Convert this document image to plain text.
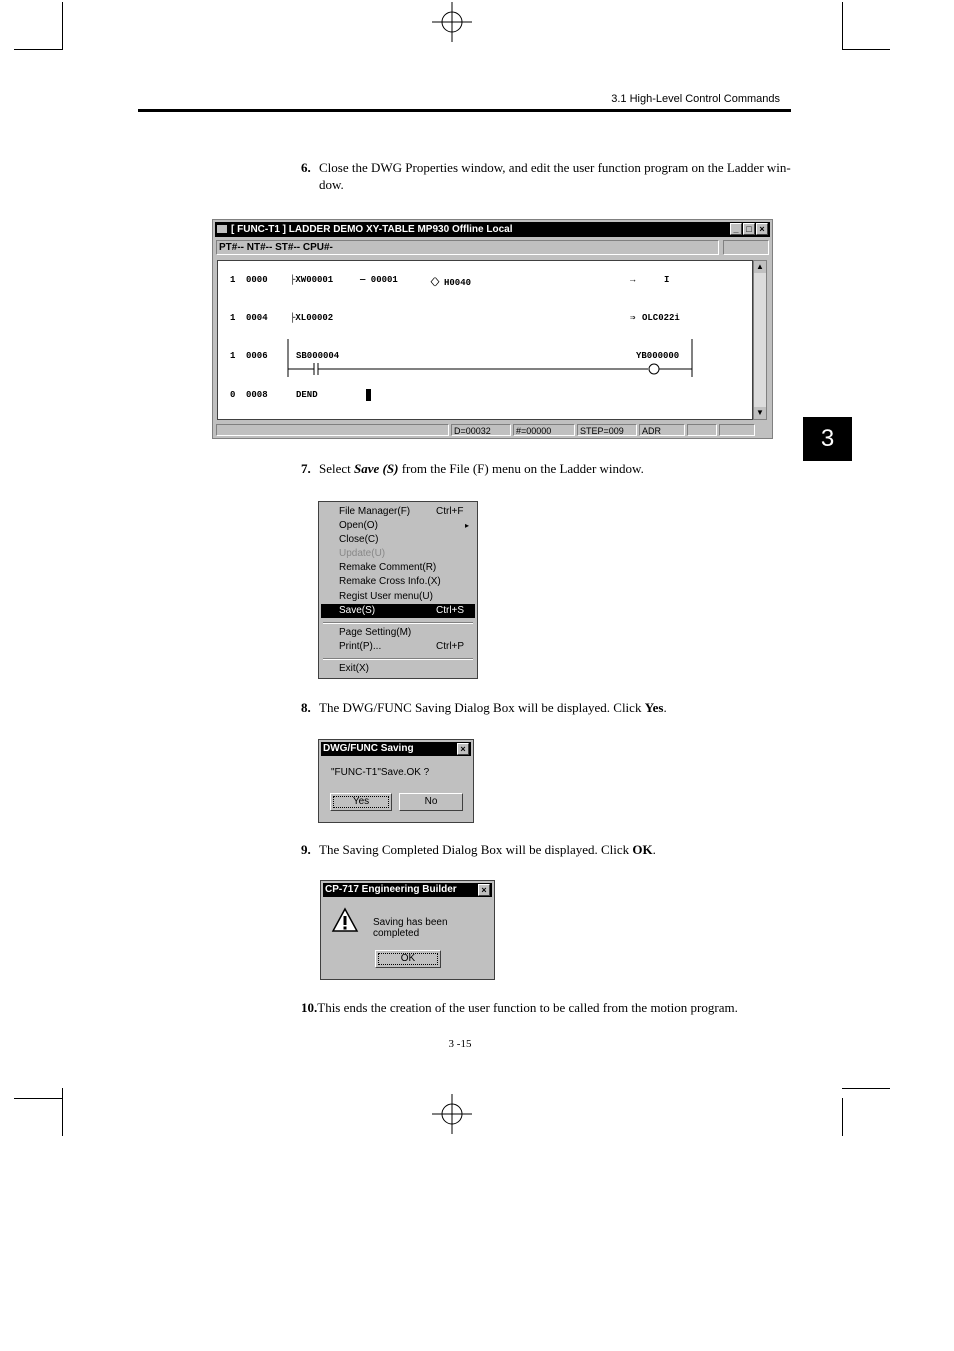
3.1 High-Level Control Commands
3
6. Close the DWG Properties window, and edit the user function program on the Ladder win-
dow.
[ FUNC-T1 ] LADDER DEMO XY-TABLE MP930 Offline Local	_ □ ×
PT#-- NT#-- ST#-- CPU#-
1 0000 ├XW00001	— 00001	〈〉H0040	→	I
1 0004 ├XL00002	⇒ OLC022i
1 0006	SB000004	YB000000
0 0008	DEND
▲
▼
D=00032	#=00000	STEP=009	ADR
7. Select Save (S) from the File (F) menu on the Ladder window.
File Manager(F)	Ctrl+F
Open(O)	▸
Close(C)
Update(U)
Remake Comment(R)
Remake Cross Info.(X)
Regist User menu(U)
Save(S)	Ctrl+S
Page Setting(M)
Print(P)...	Ctrl+P
Exit(X)
8. The DWG/FUNC Saving Dialog Box will be displayed. Click Yes.
DWG/FUNC Saving	×
"FUNC-T1"Save.OK ?
Yes	No
9. The Saving Completed Dialog Box will be displayed. Click OK.
CP-717 Engineering Builder	×
Saving has been completed
OK
10.This ends the creation of the user function to be called from the motion program.
3 -15
